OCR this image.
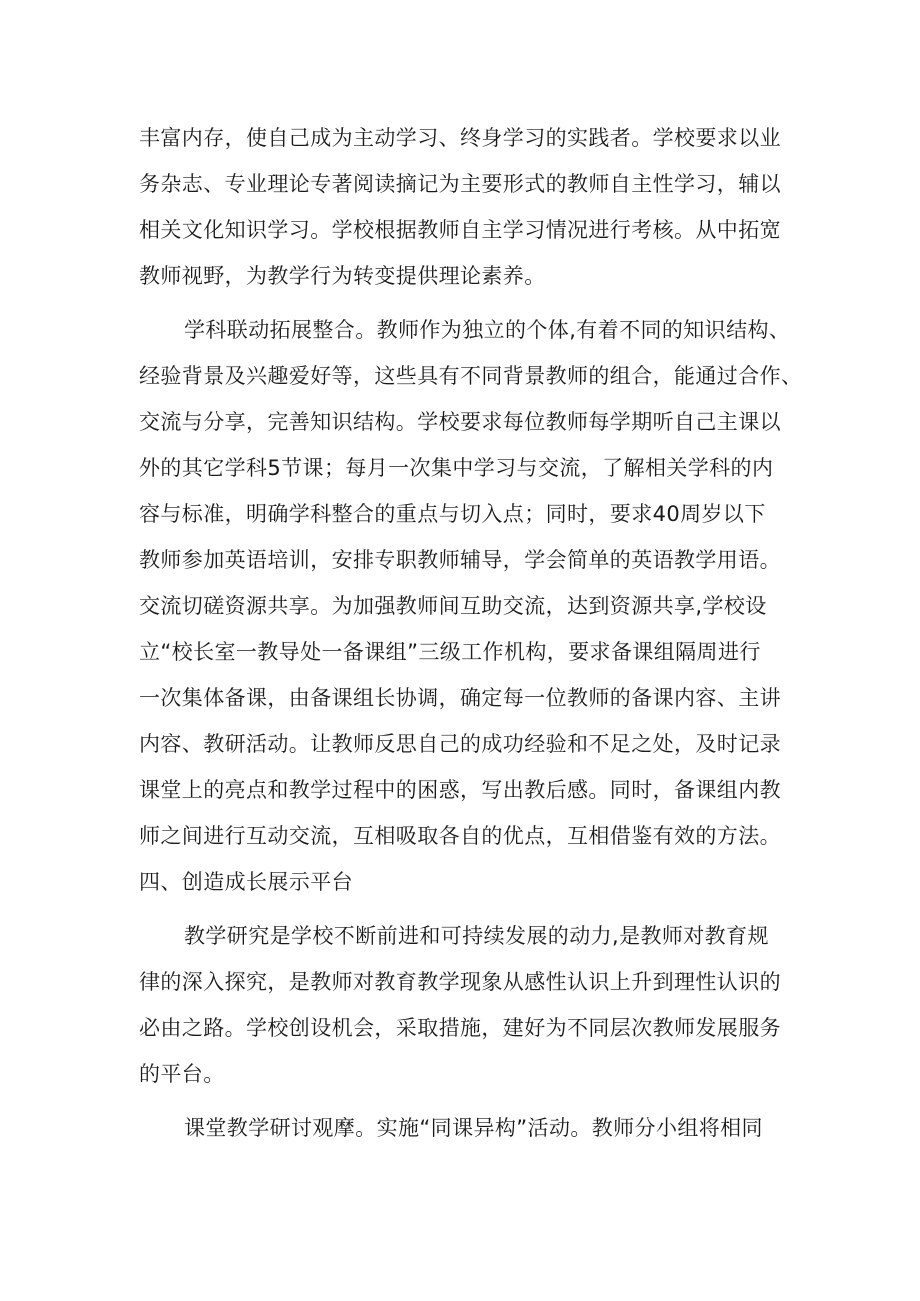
丰富内存，使自己成为主动学习、终身学习的实践者。学校要求以业
务杂志、专业理论专著阅读摘记为主要形式的教师自主性学习，辅以
相关文化知识学习。学校根据教师自主学习情况进行考核。从中拓宽
教师视野，为教学行为转变提供理论素养。
学科联动拓展整合。教师作为独立的个体,有着不同的知识结构、
经验背景及兴趣爱好等，这些具有不同背景教师的组合，能通过合作、
交流与分享，完善知识结构。学校要求每位教师每学期听自己主课以
外的其它学科5节课；每月一次集中学习与交流，了解相关学科的内
容与标准，明确学科整合的重点与切入点；同时，要求40周岁以下
教师参加英语培训，安排专职教师辅导，学会简单的英语教学用语。
交流切磋资源共享。为加强教师间互助交流，达到资源共享,学校设
立“校长室一教导处一备课组”三级工作机构，要求备课组隔周进行
一次集体备课，由备课组长协调，确定每一位教师的备课内容、主讲
内容、教研活动。让教师反思自己的成功经验和不足之处，及时记录
课堂上的亮点和教学过程中的困惑，写出教后感。同时，备课组内教
师之间进行互动交流，互相吸取各自的优点，互相借鉴有效的方法。
四、创造成长展示平台
教学研究是学校不断前进和可持续发展的动力,是教师对教育规
律的深入探究，是教师对教育教学现象从感性认识上升到理性认识的
必由之路。学校创设机会，采取措施，建好为不同层次教师发展服务
的平台。
课堂教学研讨观摩。实施“同课异构”活动。教师分小组将相同
